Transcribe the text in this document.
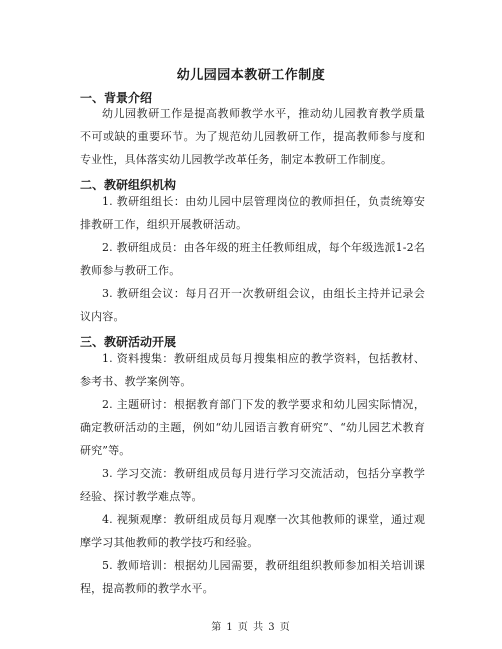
幼儿园园本教研工作制度
一、背景介绍
幼儿园教研工作是提高教师教学水平，推动幼儿园教育教学质量不可或缺的重要环节。为了规范幼儿园教研工作，提高教师参与度和专业性，具体落实幼儿园教学改革任务，制定本教研工作制度。
二、教研组织机构
1. 教研组组长：由幼儿园中层管理岗位的教师担任，负责统筹安排教研工作，组织开展教研活动。
2. 教研组成员：由各年级的班主任教师组成，每个年级选派1-2名教师参与教研工作。
3. 教研组会议：每月召开一次教研组会议，由组长主持并记录会议内容。
三、教研活动开展
1. 资料搜集：教研组成员每月搜集相应的教学资料，包括教材、参考书、教学案例等。
2. 主题研讨：根据教育部门下发的教学要求和幼儿园实际情况，确定教研活动的主题，例如“幼儿园语言教育研究”、“幼儿园艺术教育研究”等。
3. 学习交流：教研组成员每月进行学习交流活动，包括分享教学经验、探讨教学难点等。
4. 视频观摩：教研组成员每月观摩一次其他教师的课堂，通过观摩学习其他教师的教学技巧和经验。
5. 教师培训：根据幼儿园需要，教研组组织教师参加相关培训课程，提高教师的教学水平。
第 1 页 共 3 页
